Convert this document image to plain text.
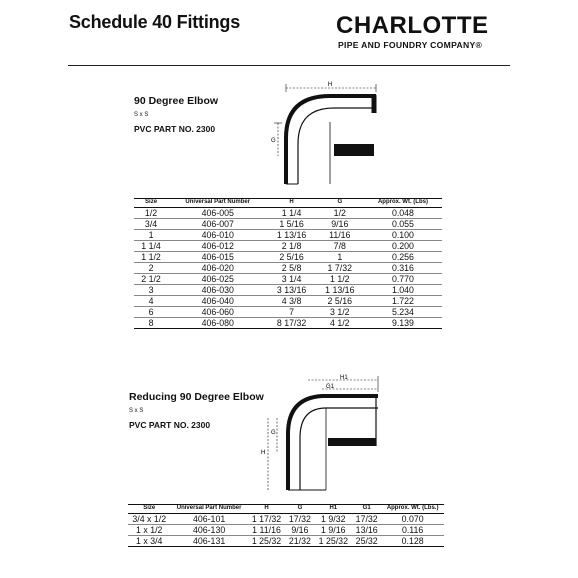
Schedule 40 Fittings	CHARLOTTE
PIPE AND FOUNDRY COMPANY®
90 Degree Elbow
S x S
PVC PART NO. 2300
H
G
Size	Universal Part Number	H	G	Approx. Wt. (Lbs)
1/2	406-005	1 1/4	1/2	0.048
3/4	406-007	1 5/16	9/16	0.055
1	406-010	1 13/16	11/16	0.100
1 1/4	406-012	2 1/8	7/8	0.200
1 1/2	406-015	2 5/16	1	0.256
2	406-020	2 5/8	1 7/32	0.316
2 1/2	406-025	3 1/4	1 1/2	0.770
3	406-030	3 13/16	1 13/16	1.040
4	406-040	4 3/8	2 5/16	1.722
6	406-060	7	3 1/2	5.234
8	406-080	8 17/32	4 1/2	9.139
Reducing 90 Degree Elbow
S x S
PVC PART NO. 2300
H1
G1
G
H
Size	Universal Part Number	H	G	H1	G1	Approx. Wt. (Lbs.)
3/4 x 1/2	406-101	1 17/32	17/32	1 9/32	17/32	0.070
1 x 1/2	406-130	1 11/16	9/16	1 9/16	13/16	0.116
1 x 3/4	406-131	1 25/32	21/32	1 25/32	25/32	0.128
